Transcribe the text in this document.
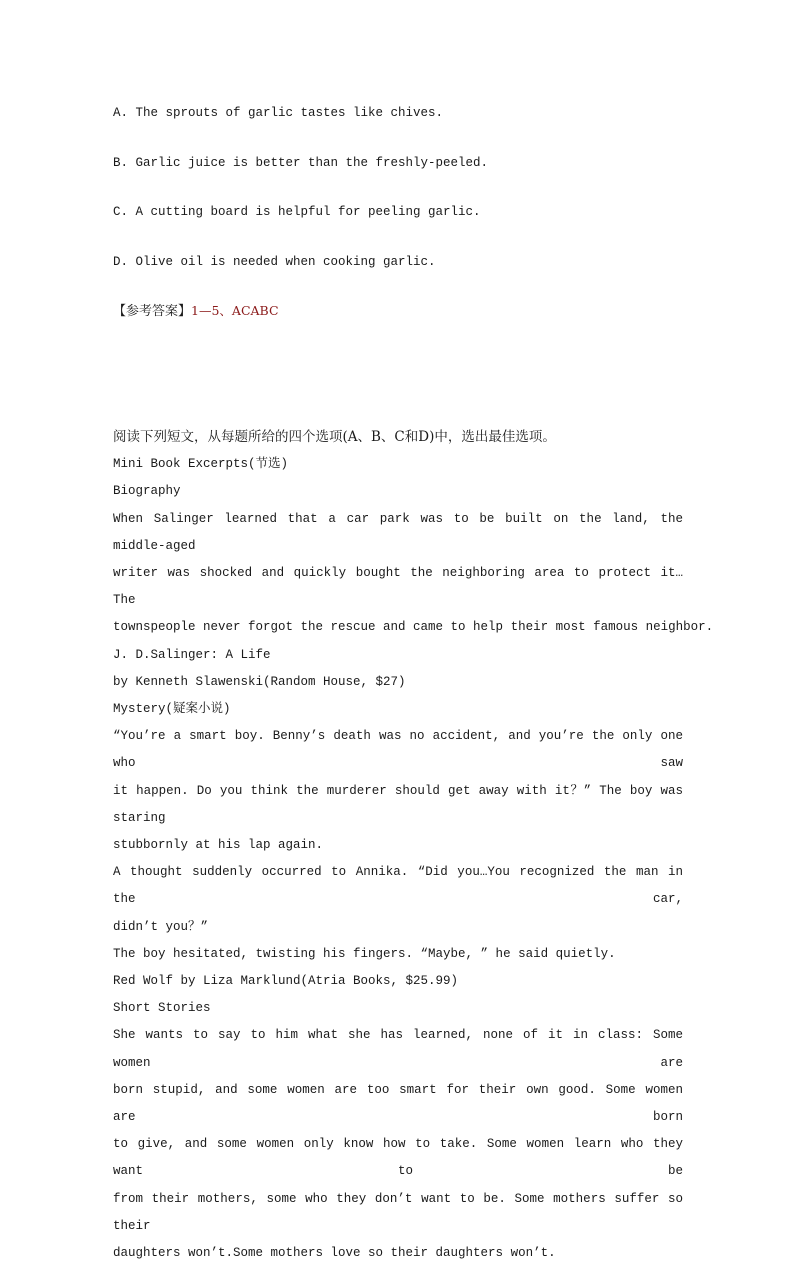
A. The sprouts of garlic tastes like chives.
B. Garlic juice is better than the freshly-peeled.
C. A cutting board is helpful for peeling garlic.
D. Olive oil is needed when cooking garlic.
【参考答案】1—5、ACABC
阅读下列短文，从每题所给的四个选项(A、B、C和D)中，选出最佳选项。
Mini Book Excerpts(节选)
Biography
When Salinger learned that a car park was to be built on the land, the middle-aged
writer was shocked and quickly bought the neighboring area to protect it… The
townspeople never forgot the rescue and came to help their most famous neighbor.
J. D.Salinger: A Life
by Kenneth Slawenski(Random House, $27)
Mystery(疑案小说)
“You’re a smart boy. Benny’s death was no accident, and you’re the only one who saw
it happen. Do you think the murderer should get away with it？” The boy was staring
stubbornly at his lap again.
A thought suddenly occurred to Annika. “Did you…You recognized the man in the car,
didn’t you？”
The boy hesitated, twisting his fingers. “Maybe, ” he said quietly.
Red Wolf by Liza Marklund(Atria Books, $25.99)
Short Stories
She wants to say to him what she has learned, none of it in class: Some women are
born stupid, and some women are too smart for their own good. Some women are born
to give, and some women only know how to take. Some women learn who they want to be
from their mothers, some who they don’t want to be. Some mothers suffer so their
daughters won’t.Some mothers love so their daughters won’t.
